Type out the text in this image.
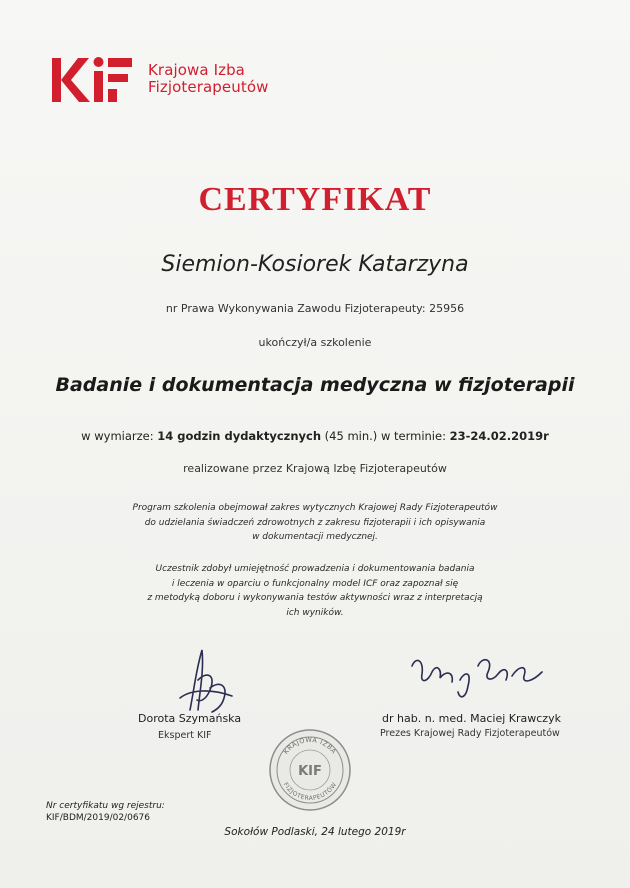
Krajowa Izba
Fizjoterapeutów
CERTYFIKAT
Siemion-Kosiorek Katarzyna
nr Prawa Wykonywania Zawodu Fizjoterapeuty: 25956
ukończył/a szkolenie
Badanie i dokumentacja medyczna w fizjoterapii
w wymiarze: 14 godzin dydaktycznych (45 min.) w terminie: 23-24.02.2019r
realizowane przez Krajową Izbę Fizjoterapeutów
Program szkolenia obejmował zakres wytycznych Krajowej Rady Fizjoterapeutów
do udzielania świadczeń zdrowotnych z zakresu fizjoterapii i ich opisywania
w dokumentacji medycznej.
Uczestnik zdobył umiejętność prowadzenia i dokumentowania badania
i leczenia w oparciu o funkcjonalny model ICF oraz zapoznał się
z metodyką doboru i wykonywania testów aktywności wraz z interpretacją
ich wyników.
Dorota Szymańska
Ekspert KIF
dr hab. n. med. Maciej Krawczyk
Prezes Krajowej Rady Fizjoterapeutów
KRAJOWA IZBA
FIZJOTERAPEUTÓW
KIF
Nr certyfikatu wg rejestru:
KIF/BDM/2019/02/0676
Sokołów Podlaski, 24 lutego 2019r
